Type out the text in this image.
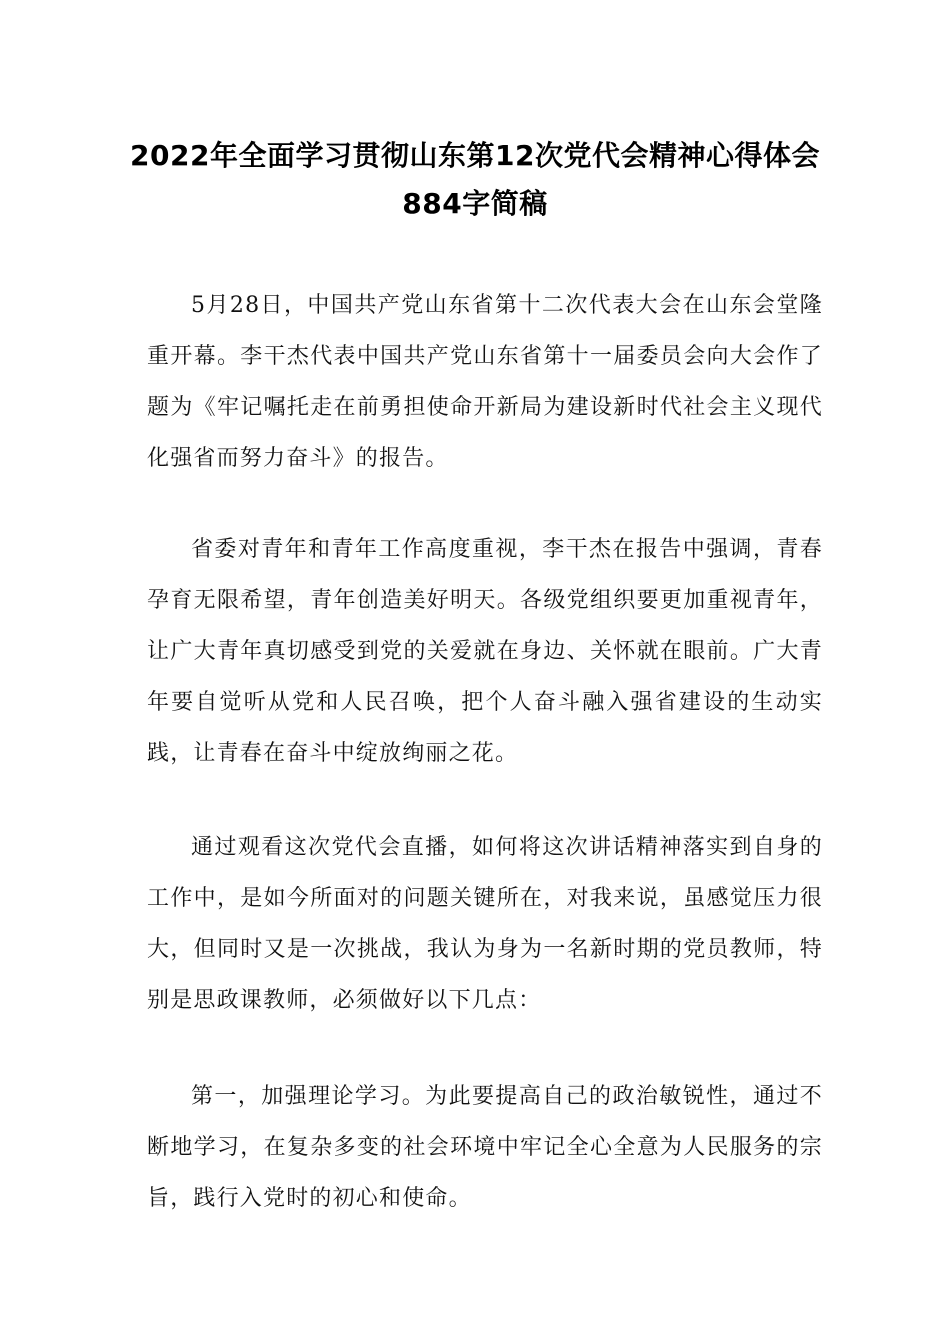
2022年全面学习贯彻山东第12次党代会精神心得体会884字简稿

5月28日，中国共产党山东省第十二次代表大会在山东会堂隆重开幕。李干杰代表中国共产党山东省第十一届委员会向大会作了题为《牢记嘱托走在前勇担使命开新局为建设新时代社会主义现代化强省而努力奋斗》的报告。

省委对青年和青年工作高度重视，李干杰在报告中强调，青春孕育无限希望，青年创造美好明天。各级党组织要更加重视青年，让广大青年真切感受到党的关爱就在身边、关怀就在眼前。广大青年要自觉听从党和人民召唤，把个人奋斗融入强省建设的生动实践，让青春在奋斗中绽放绚丽之花。

通过观看这次党代会直播，如何将这次讲话精神落实到自身的工作中，是如今所面对的问题关键所在，对我来说，虽感觉压力很大，但同时又是一次挑战，我认为身为一名新时期的党员教师，特别是思政课教师，必须做好以下几点：

第一，加强理论学习。为此要提高自己的政治敏锐性，通过不断地学习，在复杂多变的社会环境中牢记全心全意为人民服务的宗旨，践行入党时的初心和使命。
